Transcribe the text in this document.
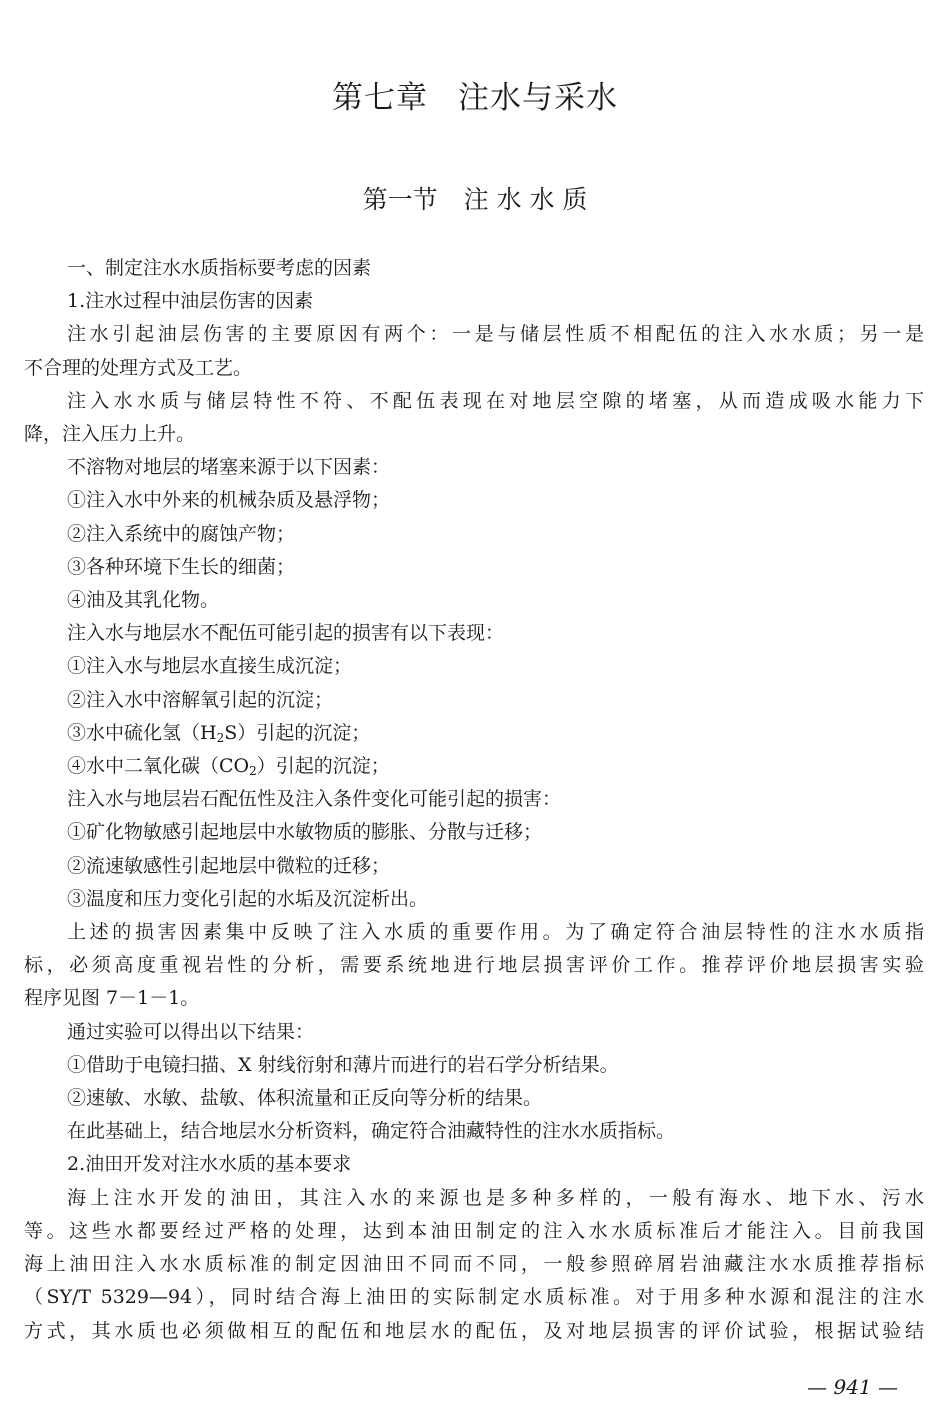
第七章 注水与采水
第一节 注 水 水 质

一、制定注水水质指标要考虑的因素

1.注水过程中油层伤害的因素

注水引起油层伤害的主要原因有两个：一是与储层性质不相配伍的注入水水质；另一是

不合理的处理方式及工艺。

注入水水质与储层特性不符、不配伍表现在对地层空隙的堵塞，从而造成吸水能力下

降，注入压力上升。

不溶物对地层的堵塞来源于以下因素：

①注入水中外来的机械杂质及悬浮物；

②注入系统中的腐蚀产物；

③各种环境下生长的细菌；

④油及其乳化物。

注入水与地层水不配伍可能引起的损害有以下表现：

①注入水与地层水直接生成沉淀；

②注入水中溶解氧引起的沉淀；

③水中硫化氢$(H_2S)$引起的沉淀；

④水中二氧化碳$(CO_2)$引起的沉淀；

注入水与地层岩石配伍性及注入条件变化可能引起的损害：

①矿化物敏感引起地层中水敏物质的膨胀、分散与迁移；

②流速敏感性引起地层中微粒的迁移；

③温度和压力变化引起的水垢及沉淀析出。

上述的损害因素集中反映了注入水质的重要作用。为了确定符合油层特性的注水水质指

标，必须高度重视岩性的分析，需要系统地进行地层损害评价工作。推荐评价地层损害实验

程序见图 7－1－1。

通过实验可以得出以下结果：

①借助于电镜扫描、X 射线衍射和薄片而进行的岩石学分析结果。

②速敏、水敏、盐敏、体积流量和正反向等分析的结果。

在此基础上，结合地层水分析资料，确定符合油藏特性的注水水质指标。

2.油田开发对注水水质的基本要求

海上注水开发的油田，其注入水的来源也是多种多样的，一般有海水、地下水、污水

等。这些水都要经过严格的处理，达到本油田制定的注入水水质标准后才能注入。目前我国

海上油田注入水水质标准的制定因油田不同而不同，一般参照碎屑岩油藏注水水质推荐指标

（SY/T 5329—94），同时结合海上油田的实际制定水质标准。对于用多种水源和混注的注水

方式，其水质也必须做相互的配伍和地层水的配伍，及对地层损害的评价试验，根据试验结

— 941 —
